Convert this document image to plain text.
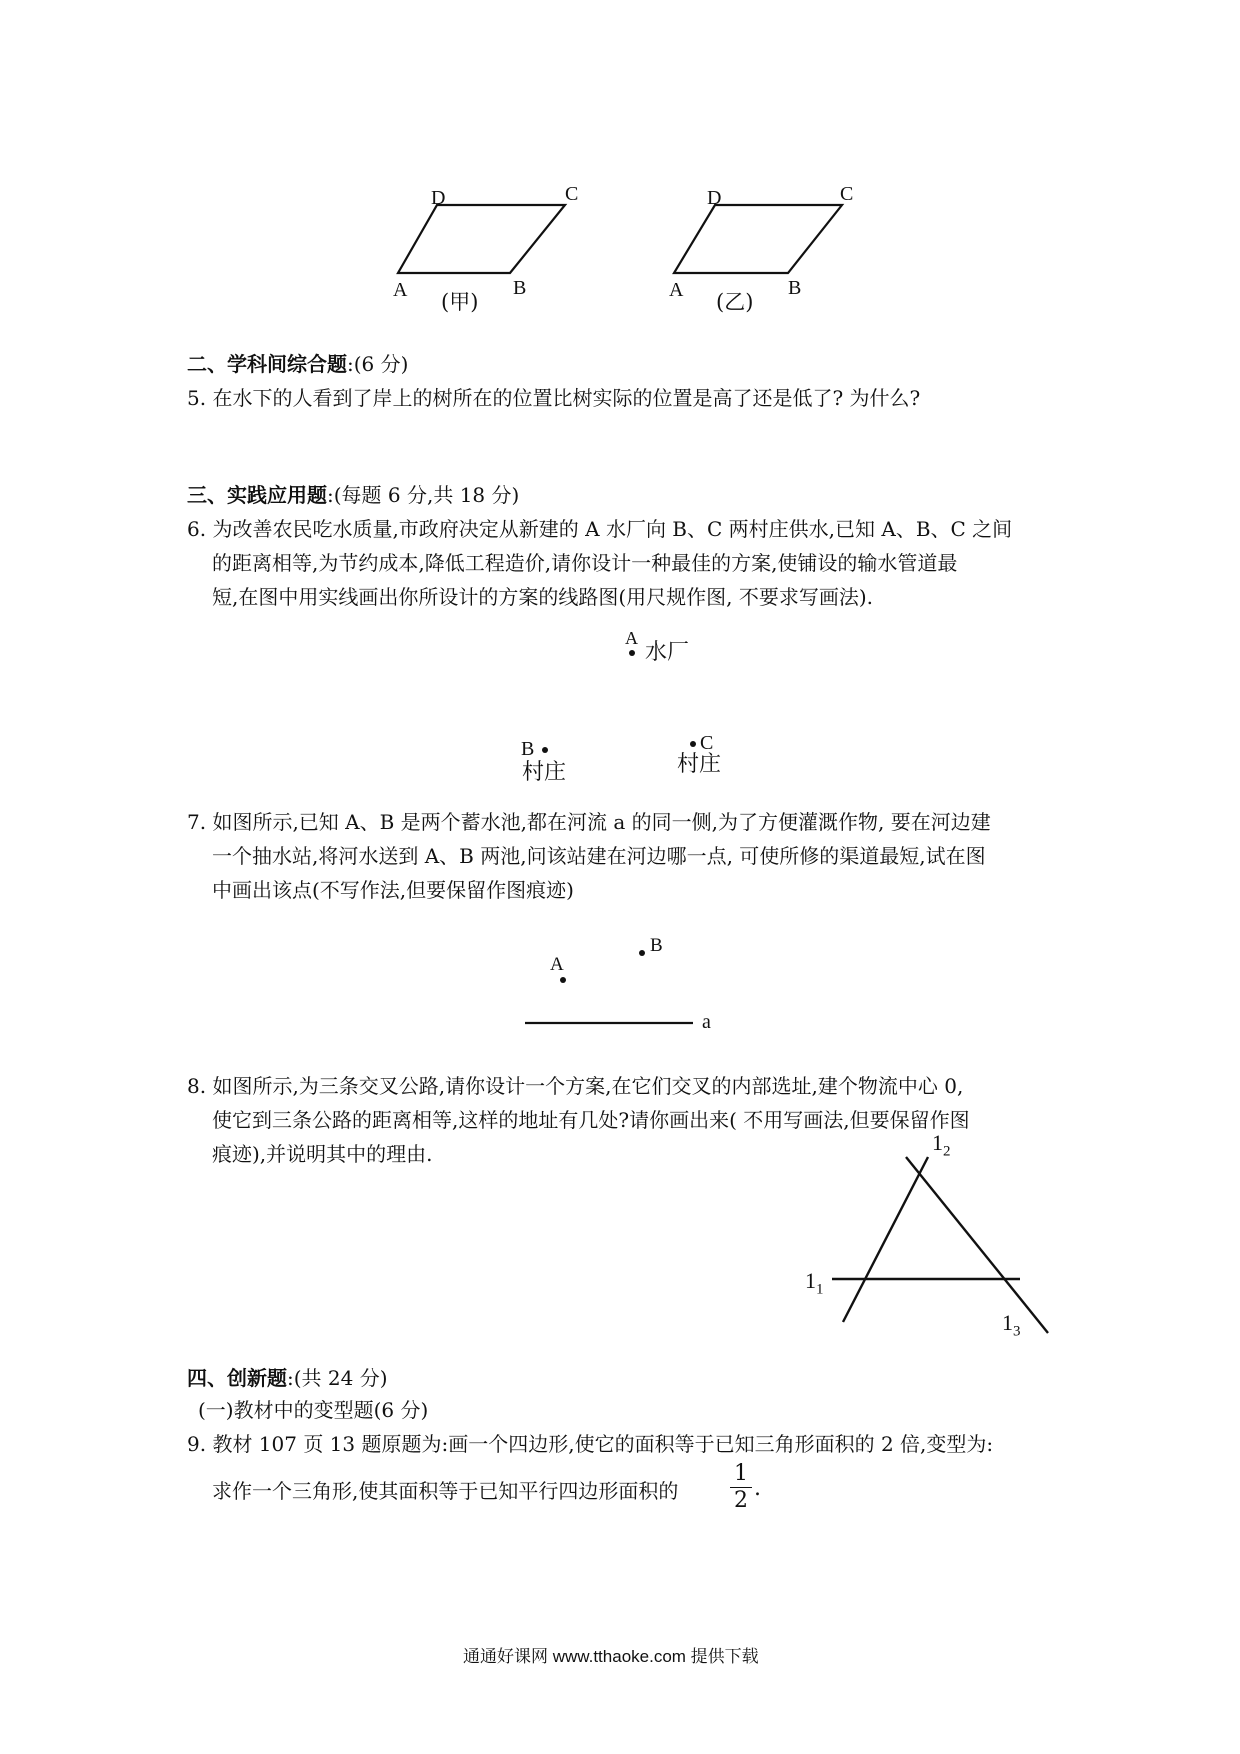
D	C
A	B
(甲)
D	C
A	B
(乙)
二、学科间综合题:(6 分)
5. 在水下的人看到了岸上的树所在的位置比树实际的位置是高了还是低了? 为什么?
三、实践应用题:(每题 6 分,共 18 分)
6. 为改善农民吃水质量,市政府决定从新建的 A 水厂向 B、C 两村庄供水,已知 A、B、C 之间
的距离相等,为节约成本,降低工程造价,请你设计一种最佳的方案,使铺设的输水管道最
短,在图中用实线画出你所设计的方案的线路图(用尺规作图, 不要求写画法).
A
水厂
B
村庄
C
村庄
7. 如图所示,已知 A、B 是两个蓄水池,都在河流 a 的同一侧,为了方便灌溉作物, 要在河边建
一个抽水站,将河水送到 A、B 两池,问该站建在河边哪一点, 可使所修的渠道最短,试在图
中画出该点(不写作法,但要保留作图痕迹)
A
B
a
8. 如图所示,为三条交叉公路,请你设计一个方案,在它们交叉的内部选址,建个物流中心 0,
使它到三条公路的距离相等,这样的地址有几处?请你画出来( 不用写画法,但要保留作图
痕迹),并说明其中的理由.	$1_2$
$1_1$
$1_3$
四、创新题:(共 24 分)
(一)教材中的变型题(6 分)
9. 教材 107 页 13 题原题为:画一个四边形,使它的面积等于已知三角形面积的 2 倍,变型为:
求作一个三角形,使其面积等于已知平行四边形面积的
1
2 .
通通好课网 www.tthaoke.com 提供下载
